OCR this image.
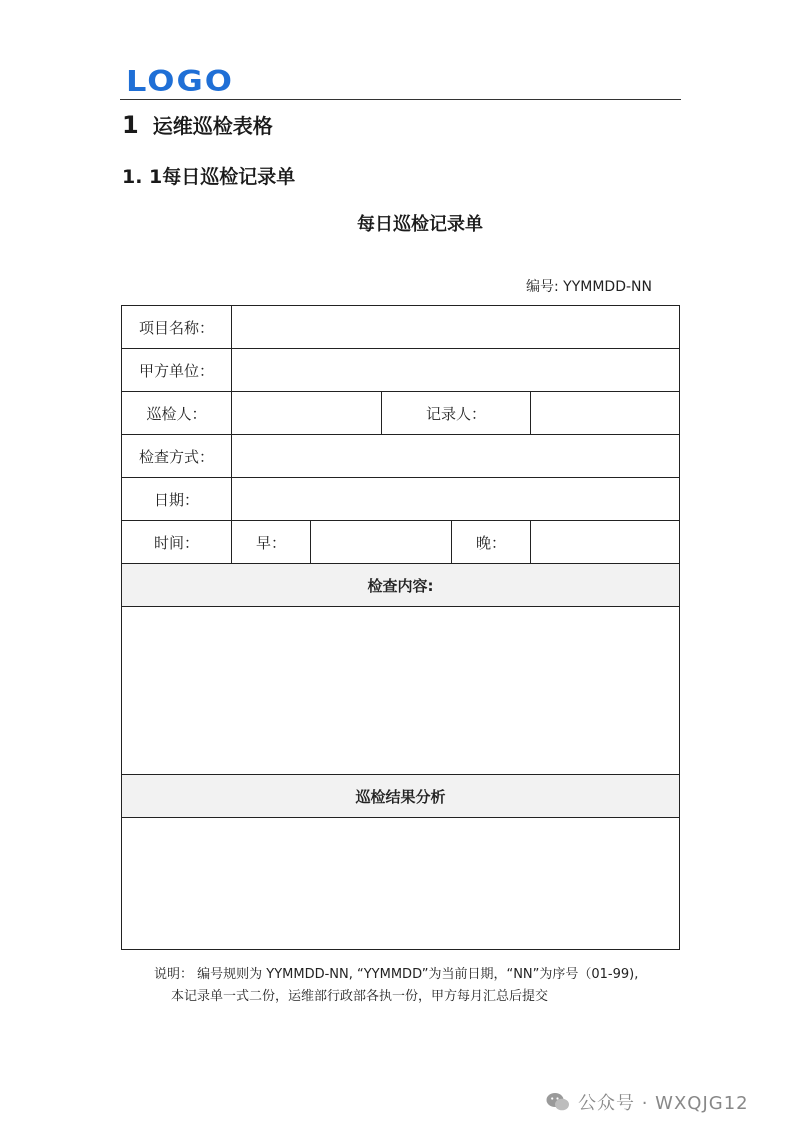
LOGO
1 运维巡检表格
1. 1每日巡检记录单
每日巡检记录单
编号: YYMMDD-NN
项目名称：					
甲方单位：					
巡检人：			记录人：		
检查方式：					
日期：					
时间：	早：			晚：	
检查内容:					

巡检结果分析					

说明： 编号规则为 YYMMDD-NN, “YYMMDD”为当前日期，“NN”为序号（01-99),
本记录单一式二份，运维部行政部各执一份，甲方每月汇总后提交
公众号 · WXQJG12
